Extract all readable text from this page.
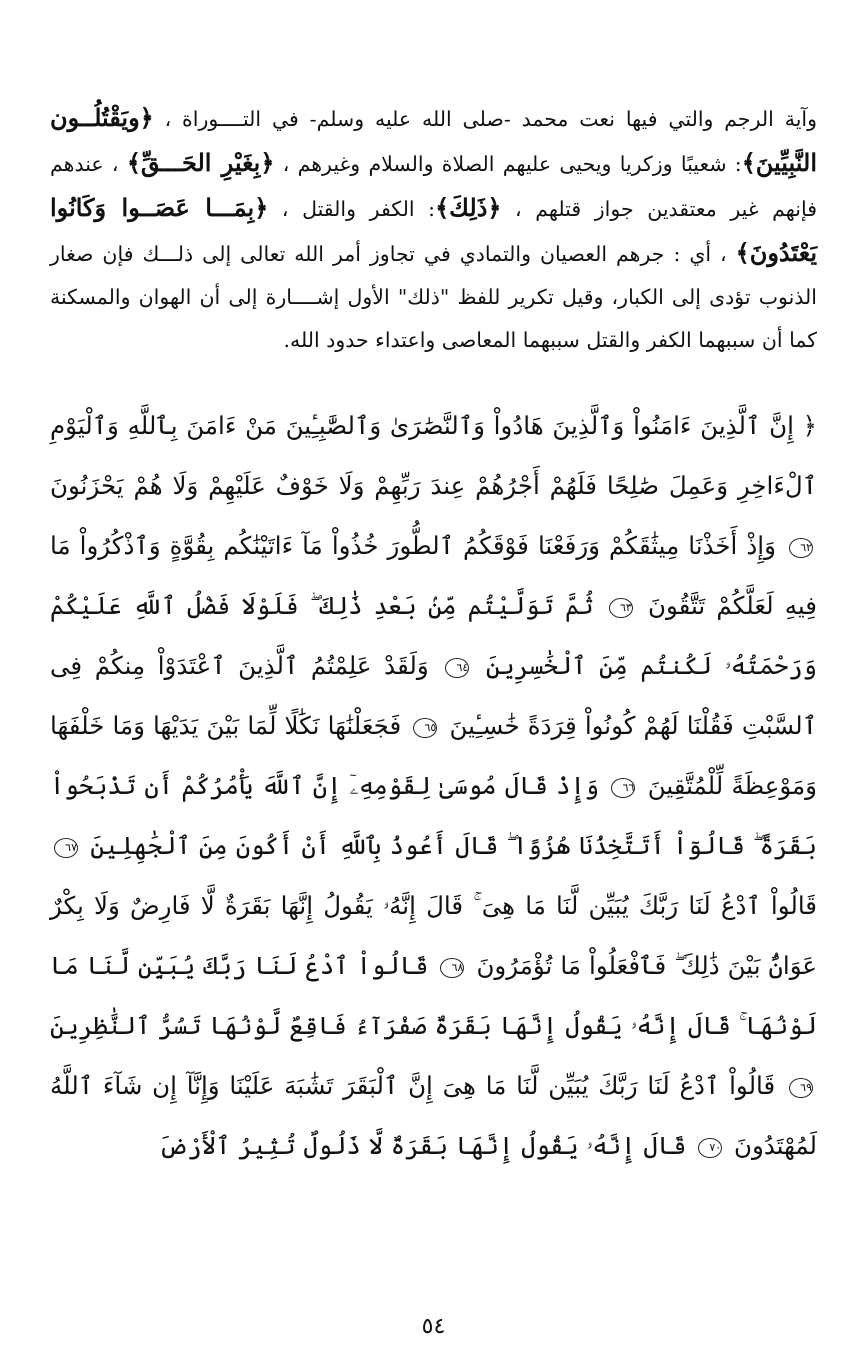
وآية الرجم والتي فيها نعت محمد -صلى الله عليه وسلم- في التــــوراة ، ﴿ويَقْتُلُــون النَّبِيِّينَ﴾: شعيبًا وزكريا ويحيى عليهم الصلاة والسلام وغيرهم ، ﴿بِغَيْرِ الحَـــقِّ﴾ ، عندهم فإنهم غير معتقدين جواز قتلهم ، ﴿ذَلِكَ﴾: الكفر والقتل ، ﴿بِمَـــا عَصَــوا وَكَانُوا يَعْتَدُونَ﴾ ، أي : جرهم العصيان والتمادي في تجاوز أمر الله تعالى إلى ذلـــك فإن صغار الذنوب تؤدى إلى الكبار، وقيل تكرير للفظ "ذلك" الأول إشــــارة إلى أن الهوان والمسكنة كما أن سببهما الكفر والقتل سببهما المعاصى واعتداء حدود الله.

﴿ إِنَّ ٱلَّذِينَ ءَامَنُواْ وَٱلَّذِينَ هَادُواْ وَٱلنَّصَٰرَىٰ وَٱلصَّٰبِـِٔينَ مَنْ ءَامَنَ بِٱللَّهِ وَٱلْيَوْمِ ٱلْءَاخِرِ وَعَمِلَ صَٰلِحًا فَلَهُمْ أَجْرُهُمْ عِندَ رَبِّهِمْ وَلَا خَوْفٌ عَلَيْهِمْ وَلَا هُمْ يَحْزَنُونَ ٦٢ وَإِذْ أَخَذْنَا مِيثَٰقَكُمْ وَرَفَعْنَا فَوْقَكُمُ ٱلطُّورَ خُذُواْ مَآ ءَاتَيْنَٰكُم بِقُوَّةٍ وَٱذْكُرُواْ مَا فِيهِ لَعَلَّكُمْ تَتَّقُونَ ٦٣ ثُمَّ تَوَلَّيْتُم مِّنۢ بَعْدِ ذَٰلِكَ ۖ فَلَوْلَا فَضْلُ ٱللَّهِ عَلَيْكُمْ وَرَحْمَتُهُۥ لَكُنتُم مِّنَ ٱلْخَٰسِرِينَ ٦٤ وَلَقَدْ عَلِمْتُمُ ٱلَّذِينَ ٱعْتَدَوْاْ مِنكُمْ فِى ٱلسَّبْتِ فَقُلْنَا لَهُمْ كُونُواْ قِرَدَةً خَٰسِـِٔينَ ٦٥ فَجَعَلْنَٰهَا نَكَٰلًا لِّمَا بَيْنَ يَدَيْهَا وَمَا خَلْفَهَا وَمَوْعِظَةً لِّلْمُتَّقِينَ ٦٦ وَإِذْ قَالَ مُوسَىٰ لِقَوْمِهِۦٓ إِنَّ ٱللَّهَ يَأْمُرُكُمْ أَن تَذْبَحُواْ بَقَرَةً ۖ قَالُوٓاْ أَتَتَّخِذُنَا هُزُوًا ۖ قَالَ أَعُوذُ بِٱللَّهِ أَنْ أَكُونَ مِنَ ٱلْجَٰهِلِينَ ٦٧ قَالُواْ ٱدْعُ لَنَا رَبَّكَ يُبَيِّن لَّنَا مَا هِىَ ۚ قَالَ إِنَّهُۥ يَقُولُ إِنَّهَا بَقَرَةٌ لَّا فَارِضٌ وَلَا بِكْرٌ عَوَانٌۢ بَيْنَ ذَٰلِكَ ۖ فَٱفْعَلُواْ مَا تُؤْمَرُونَ ٦٨ قَالُواْ ٱدْعُ لَنَا رَبَّكَ يُبَيِّن لَّنَا مَا لَوْنُهَا ۚ قَالَ إِنَّهُۥ يَقُولُ إِنَّهَا بَقَرَةٌ صَفْرَآءُ فَاقِعٌ لَّوْنُهَا تَسُرُّ ٱلنَّٰظِرِينَ ٦٩ قَالُواْ ٱدْعُ لَنَا رَبَّكَ يُبَيِّن لَّنَا مَا هِىَ إِنَّ ٱلْبَقَرَ تَشَٰبَهَ عَلَيْنَا وَإِنَّآ إِن شَآءَ ٱللَّهُ لَمُهْتَدُونَ ٧٠ قَالَ إِنَّهُۥ يَقُولُ إِنَّهَا بَقَرَةٌ لَّا ذَلُولٌ تُثِيرُ ٱلْأَرْضَ
٥٤
